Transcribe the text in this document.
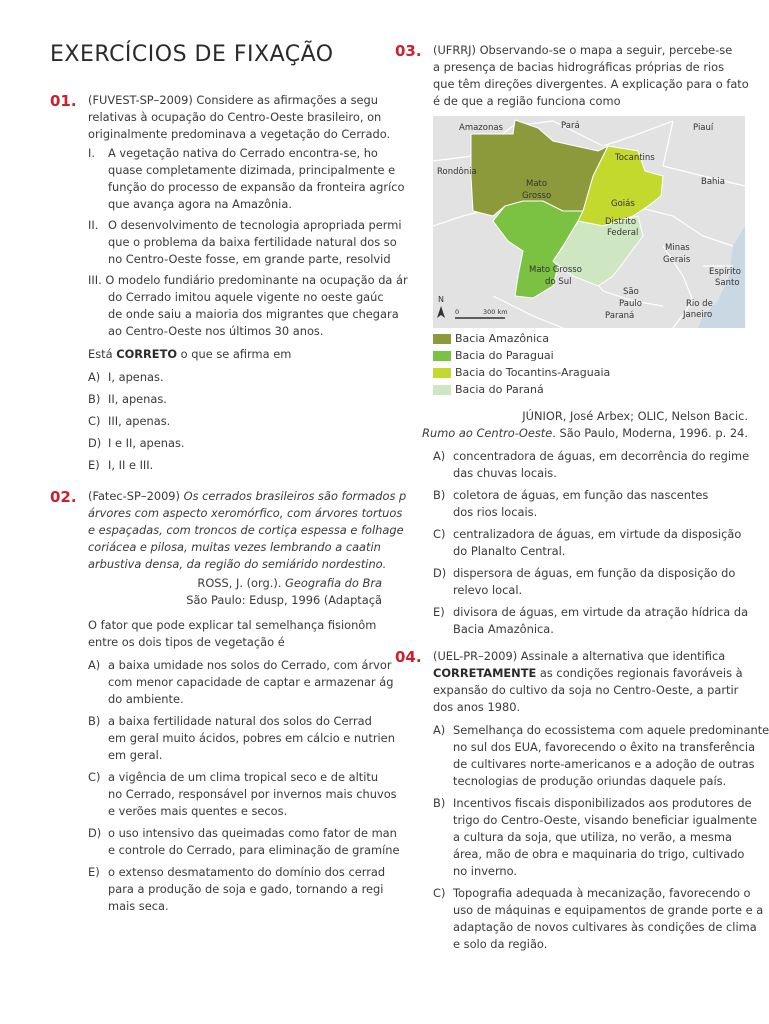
EXERCÍCIOS DE FIXAÇÃO
01. (FUVEST-SP–2009) Considere as afirmações a segu
relativas à ocupação do Centro-Oeste brasileiro, on
originalmente predominava a vegetação do Cerrado.
I. A vegetação nativa do Cerrado encontra-se, ho
quase completamente dizimada, principalmente e
função do processo de expansão da fronteira agríco
que avança agora na Amazônia.
II. O desenvolvimento de tecnologia apropriada permi
que o problema da baixa fertilidade natural dos so
no Centro-Oeste fosse, em grande parte, resolvid
III. O modelo fundiário predominante na ocupação da ár
do Cerrado imitou aquele vigente no oeste gaúc
de onde saiu a maioria dos migrantes que chegara
ao Centro-Oeste nos últimos 30 anos.
Está CORRETO o que se afirma em
A) I, apenas.
B) II, apenas.
C) III, apenas.
D) I e II, apenas.
E) I, II e III.
02. (Fatec-SP–2009) Os cerrados brasileiros são formados p
árvores com aspecto xeromórfico, com árvores tortuos
e espaçadas, com troncos de cortiça espessa e folhage
coriácea e pilosa, muitas vezes lembrando a caatin
arbustiva densa, da região do semiárido nordestino.
ROSS, J. (org.). Geografia do Bra
São Paulo: Edusp, 1996 (Adaptaçã
O fator que pode explicar tal semelhança fisionôm
entre os dois tipos de vegetação é
A) a baixa umidade nos solos do Cerrado, com árvor
com menor capacidade de captar e armazenar ág
do ambiente.
B) a baixa fertilidade natural dos solos do Cerrad
em geral muito ácidos, pobres em cálcio e nutrien
em geral.
C) a vigência de um clima tropical seco e de altitu
no Cerrado, responsável por invernos mais chuvos
e verões mais quentes e secos.
D) o uso intensivo das queimadas como fator de man
e controle do Cerrado, para eliminação de gramíne
E) o extenso desmatamento do domínio dos cerrad
para a produção de soja e gado, tornando a regi
mais seca.
03. (UFRRJ) Observando-se o mapa a seguir, percebe-se
a presença de bacias hidrográficas próprias de rios
que têm direções divergentes. A explicação para o fato
é de que a região funciona como
Amazonas	Pará	Piauí
Tocantins
Rondônia
Bahia
Mato
Grosso
Goiás
Distrito
Federal
Minas
Gerais
Mato Grosso
do Sul
Espírito
Santo
São
Paulo	Rio de
Janeiro
Paraná
N
0	300 km
Bacia Amazônica
Bacia do Paraguai
Bacia do Tocantins-Araguaia
Bacia do Paraná
JÚNIOR, José Arbex; OLIC, Nelson Bacic.
Rumo ao Centro-Oeste. São Paulo, Moderna, 1996. p. 24.
A) concentradora de águas, em decorrência do regime
das chuvas locais.
B) coletora de águas, em função das nascentes
dos rios locais.
C) centralizadora de águas, em virtude da disposição
do Planalto Central.
D) dispersora de águas, em função da disposição do
relevo local.
E) divisora de águas, em virtude da atração hídrica da
Bacia Amazônica.
04. (UEL-PR–2009) Assinale a alternativa que identifica
CORRETAMENTE as condições regionais favoráveis à
expansão do cultivo da soja no Centro-Oeste, a partir
dos anos 1980.
A) Semelhança do ecossistema com aquele predominante
no sul dos EUA, favorecendo o êxito na transferência
de cultivares norte-americanos e a adoção de outras
tecnologias de produção oriundas daquele país.
B) Incentivos fiscais disponibilizados aos produtores de
trigo do Centro-Oeste, visando beneficiar igualmente
a cultura da soja, que utiliza, no verão, a mesma
área, mão de obra e maquinaria do trigo, cultivado
no inverno.
C) Topografia adequada à mecanização, favorecendo o
uso de máquinas e equipamentos de grande porte e a
adaptação de novos cultivares às condições de clima
e solo da região.
